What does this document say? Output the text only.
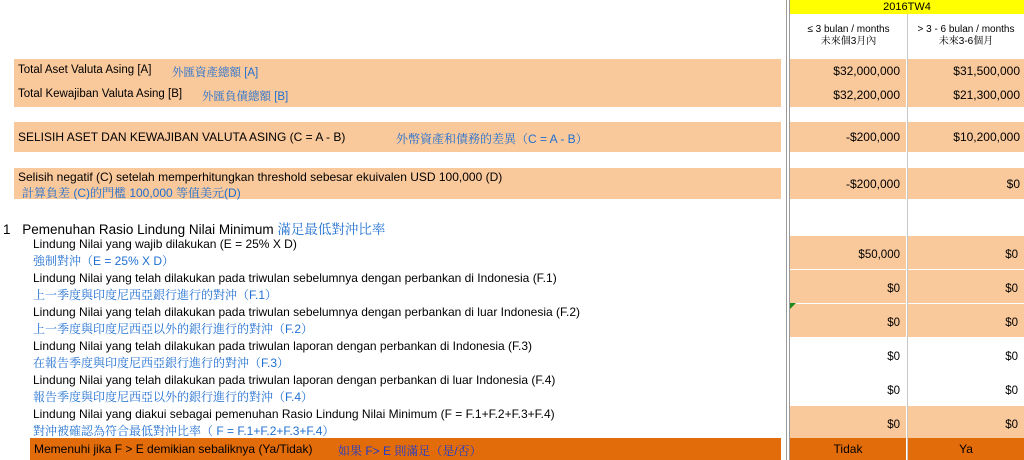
2016TW4
≤ 3 bulan / months
未來個3月內
> 3 - 6 bulan / months
未來3-6個月
Total Aset Valuta Asing [A] 外匯資產總額 [A]	$32,000,000	$31,500,000
Total Kewajiban Valuta Asing [B] 外匯負債總額 [B]	$32,200,000	$21,300,000
SELISIH ASET DAN KEWAJIBAN VALUTA ASING (C = A - B)	外幣資產和債務的差異（C = A - B）	-$200,000	$10,200,000
Selisih negatif (C) setelah memperhitungkan threshold sebesar ekuivalen USD 100,000 (D)
計算負差 (C)的門檻 100,000 等值美元(D)
-$200,000	$0
1 Pemenuhan Rasio Lindung Nilai Minimum 滿足最低對沖比率
Lindung Nilai yang wajib dilakukan (E = 25% X D)
強制對沖（E = 25% X D）	$50,000	$0
Lindung Nilai yang telah dilakukan pada triwulan sebelumnya dengan perbankan di Indonesia (F.1)
上一季度與印度尼西亞銀行進行的對沖（F.1）	$0	$0
Lindung Nilai yang telah dilakukan pada triwulan sebelumnya dengan perbankan di luar Indonesia (F.2)
上一季度與印度尼西亞以外的銀行進行的對沖（F.2）	$0	$0
Lindung Nilai yang telah dilakukan pada triwulan laporan dengan perbankan di Indonesia (F.3)
在報告季度與印度尼西亞銀行進行的對沖（F.3）	$0	$0
Lindung Nilai yang telah dilakukan pada triwulan laporan dengan perbankan di luar Indonesia (F.4)
報告季度與印度尼西亞以外的銀行進行的對沖（F.4）	$0	$0
Lindung Nilai yang diakui sebagai pemenuhan Rasio Lindung Nilai Minimum (F = F.1+F.2+F.3+F.4)
對沖被確認為符合最低對沖比率（ F = F.1+F.2+F.3+F.4）	$0	$0
Memenuhi jika F > E demikian sebaliknya (Ya/Tidak) 如果 F> E 則滿足（是/否）	Tidak	Ya
